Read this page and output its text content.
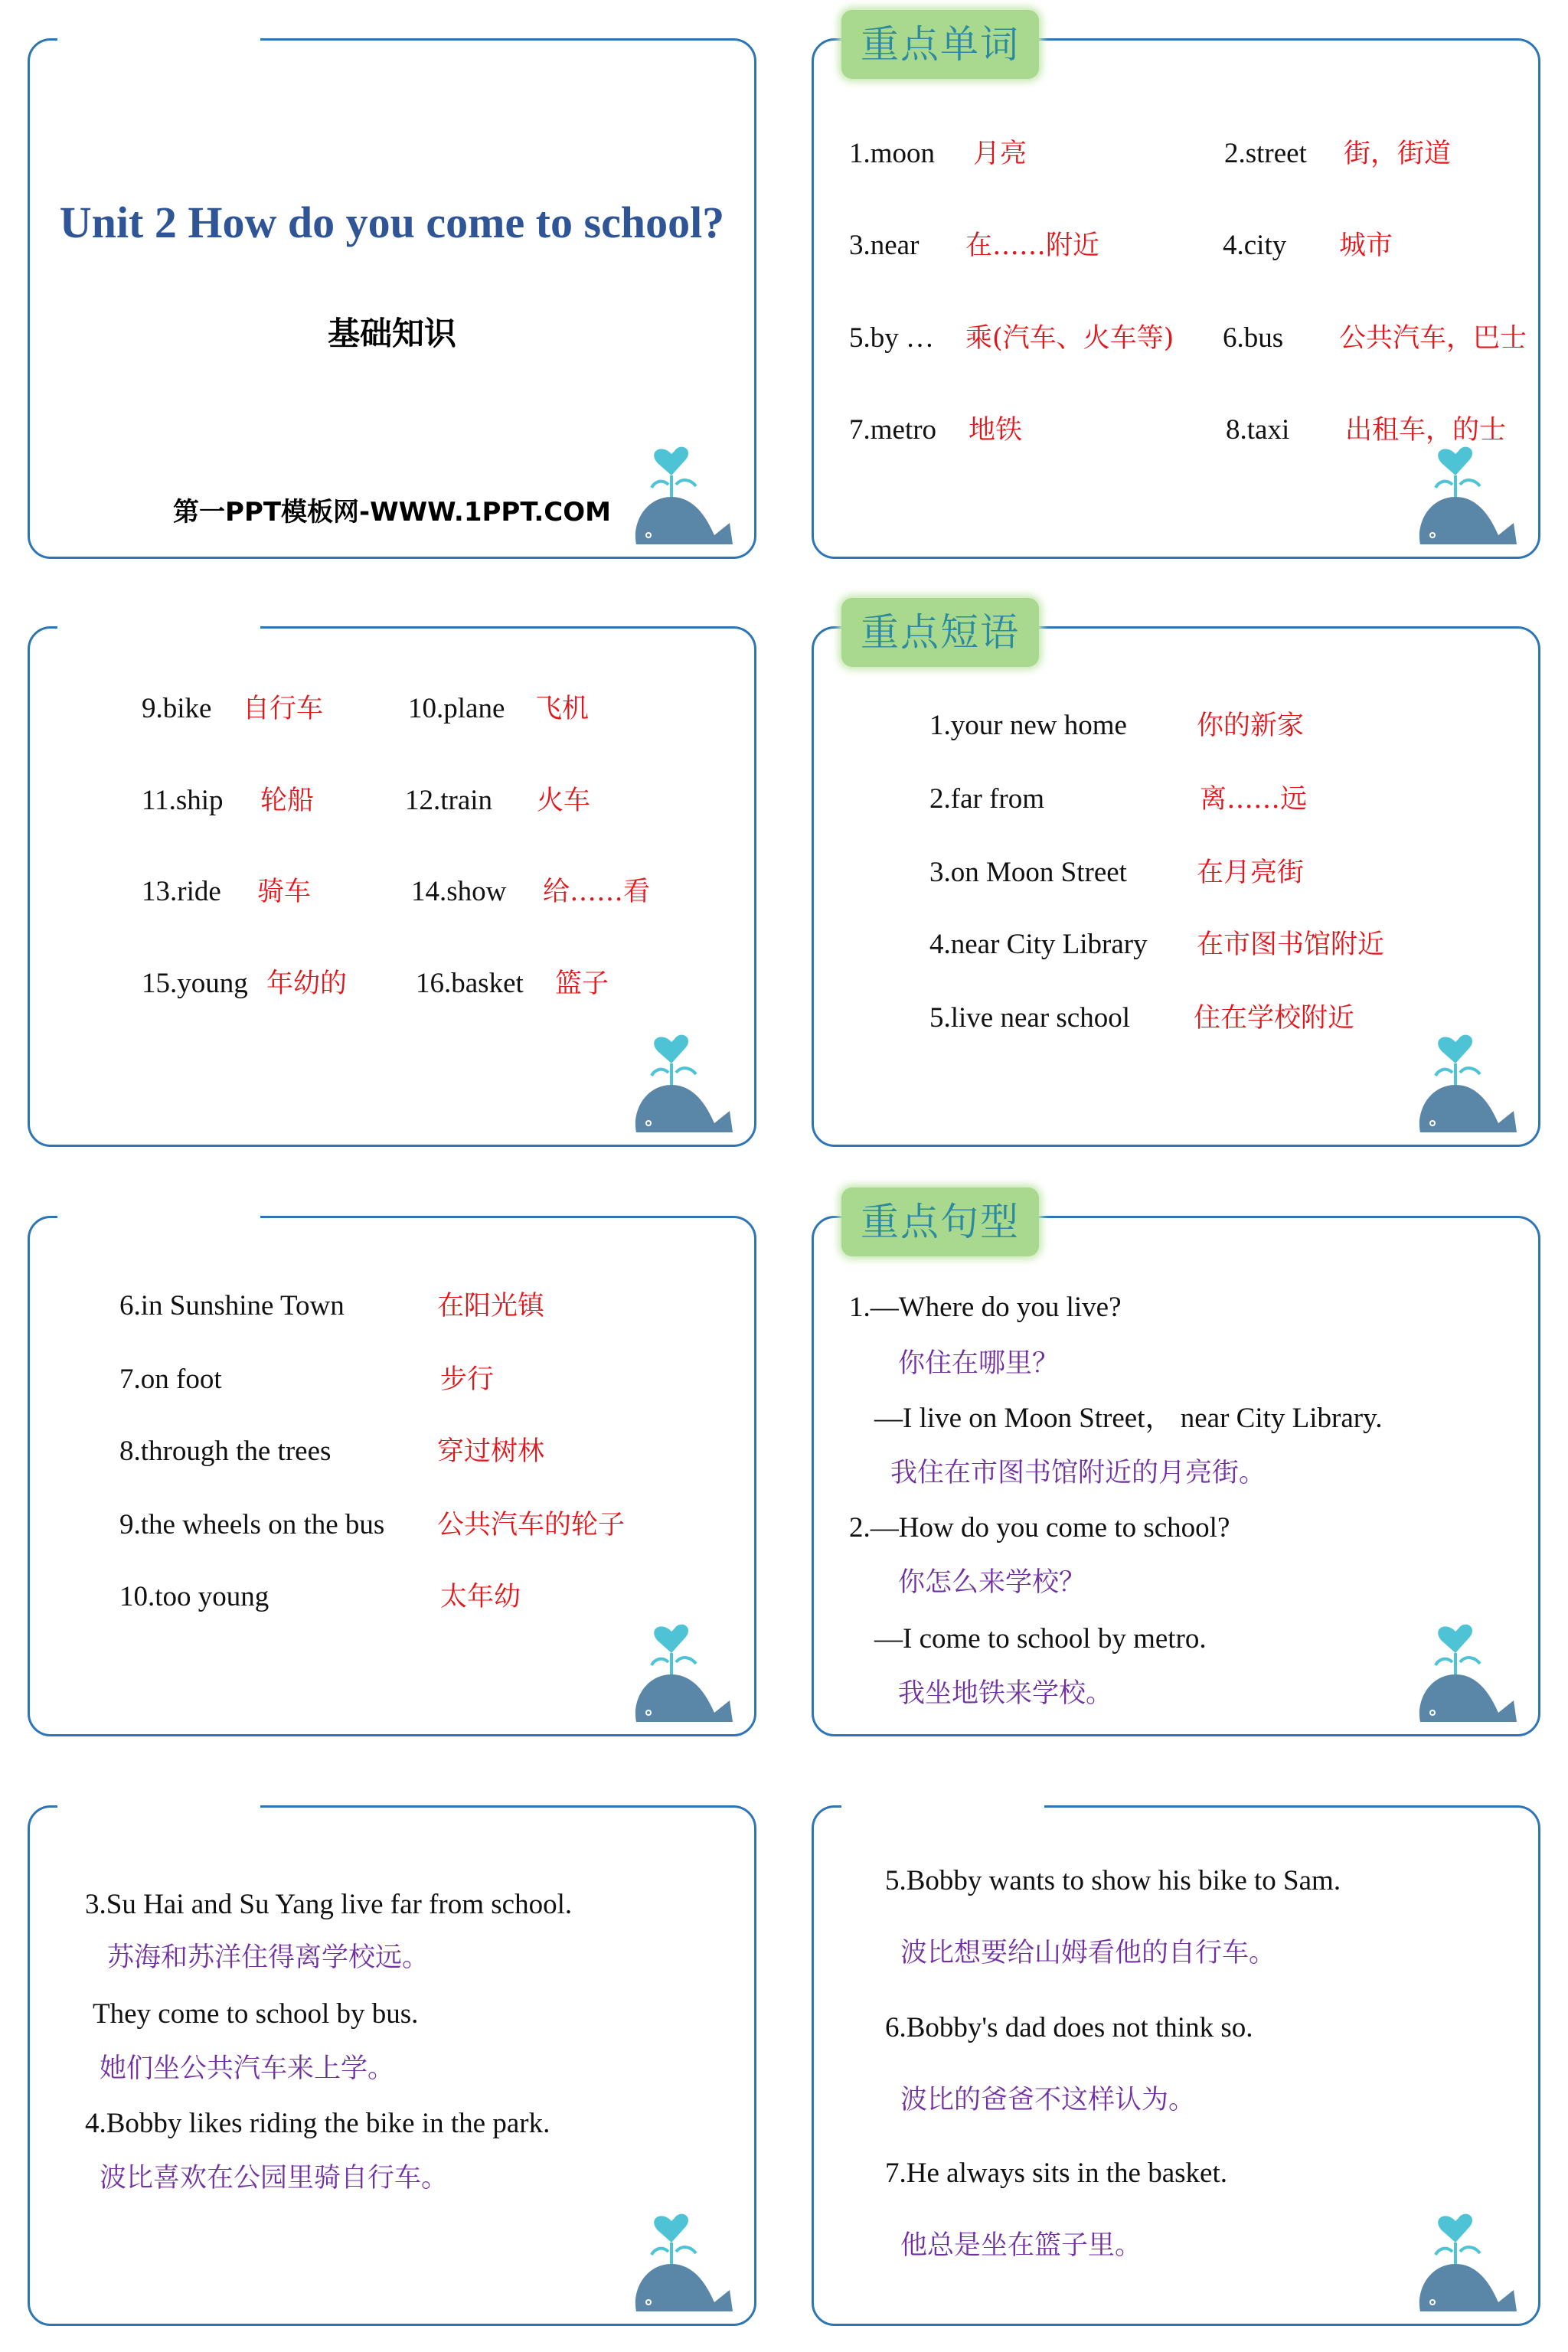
Unit 2 How do you come to school?
基础知识
第一PPT模板网-WWW.1PPT.COM
重点单词
1.moon 月亮	2.street 街，街道
3.near 在……附近	4.city 城市
5.by … 乘(汽车、火车等) 6.bus 公共汽车，巴士
7.metro 地铁	8.taxi 出租车，的士
9.bike 自行车	10.plane 飞机
11.ship 轮船	12.train 火车
13.ride 骑车	14.show 给……看
15.young 年幼的 16.basket 篮子
重点短语
1.your new home	你的新家
2.far from	离……远
3.on Moon Street	在月亮街
4.near City Library 在市图书馆附近
5.live near school 住在学校附近
6.in Sunshine Town	在阳光镇
7.on foot	步行
8.through the trees	穿过树林
9.the wheels on the bus 公共汽车的轮子
10.too young	太年幼
重点句型
1.—Where do you live?
你住在哪里？
—I live on Moon Street， near City Library.
我住在市图书馆附近的月亮街。
2.—How do you come to school?
你怎么来学校？
—I come to school by metro.
我坐地铁来学校。
3.Su Hai and Su Yang live far from school.
苏海和苏洋住得离学校远。
They come to school by bus.
她们坐公共汽车来上学。
4.Bobby likes riding the bike in the park.
波比喜欢在公园里骑自行车。
5.Bobby wants to show his bike to Sam.
波比想要给山姆看他的自行车。
6.Bobby's dad does not think so.
波比的爸爸不这样认为。
7.He always sits in the basket.
他总是坐在篮子里。
